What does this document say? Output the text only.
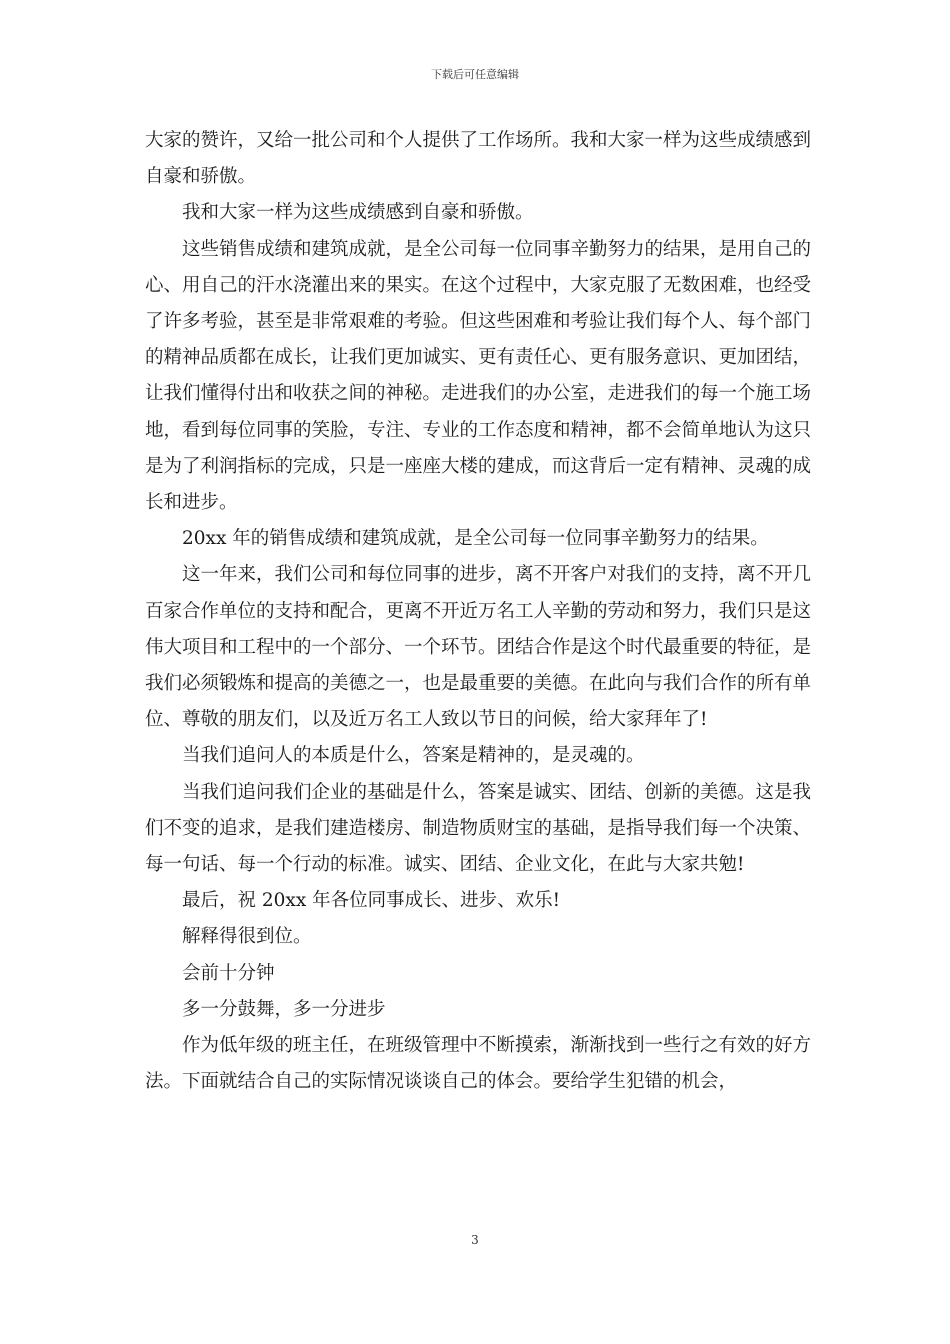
下载后可任意编辑

大家的赞许，又给一批公司和个人提供了工作场所。我和大家一样为这些成绩感到自豪和骄傲。

我和大家一样为这些成绩感到自豪和骄傲。

这些销售成绩和建筑成就，是全公司每一位同事辛勤努力的结果，是用自己的心、用自己的汗水浇灌出来的果实。在这个过程中，大家克服了无数困难，也经受了许多考验，甚至是非常艰难的考验。但这些困难和考验让我们每个人、每个部门的精神品质都在成长，让我们更加诚实、更有责任心、更有服务意识、更加团结，让我们懂得付出和收获之间的神秘。走进我们的办公室，走进我们的每一个施工场地，看到每位同事的笑脸，专注、专业的工作态度和精神，都不会简单地认为这只是为了利润指标的完成，只是一座座大楼的建成，而这背后一定有精神、灵魂的成长和进步。

20xx 年的销售成绩和建筑成就，是全公司每一位同事辛勤努力的结果。

这一年来，我们公司和每位同事的进步，离不开客户对我们的支持，离不开几百家合作单位的支持和配合，更离不开近万名工人辛勤的劳动和努力，我们只是这伟大项目和工程中的一个部分、一个环节。团结合作是这个时代最重要的特征，是我们必须锻炼和提高的美德之一，也是最重要的美德。在此向与我们合作的所有单位、尊敬的朋友们，以及近万名工人致以节日的问候，给大家拜年了!

当我们追问人的本质是什么，答案是精神的，是灵魂的。

当我们追问我们企业的基础是什么，答案是诚实、团结、创新的美德。这是我们不变的追求，是我们建造楼房、制造物质财宝的基础，是指导我们每一个决策、每一句话、每一个行动的标准。诚实、团结、企业文化，在此与大家共勉!

最后，祝 20xx 年各位同事成长、进步、欢乐!

解释得很到位。

会前十分钟

多一分鼓舞，多一分进步

作为低年级的班主任，在班级管理中不断摸索，渐渐找到一些行之有效的好方法。下面就结合自己的实际情况谈谈自己的体会。要给学生犯错的机会，

3
